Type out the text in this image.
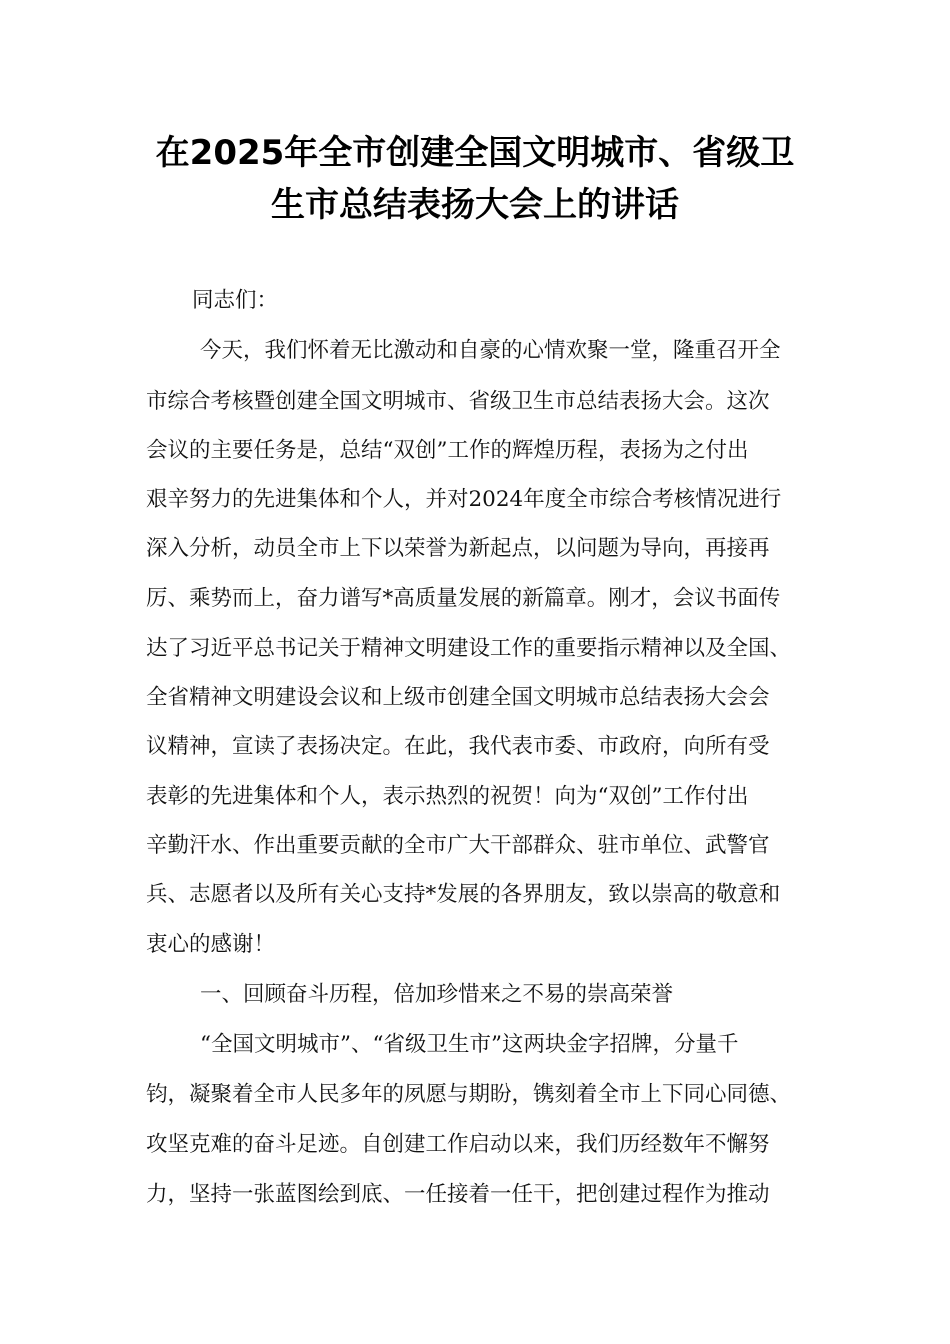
在2025年全市创建全国文明城市、省级卫
生市总结表扬大会上的讲话
同志们：
今天，我们怀着无比激动和自豪的心情欢聚一堂，隆重召开全
市综合考核暨创建全国文明城市、省级卫生市总结表扬大会。这次
会议的主要任务是，总结“双创”工作的辉煌历程，表扬为之付出
艰辛努力的先进集体和个人，并对2024年度全市综合考核情况进行
深入分析，动员全市上下以荣誉为新起点，以问题为导向，再接再
厉、乘势而上，奋力谱写*高质量发展的新篇章。刚才，会议书面传
达了习近平总书记关于精神文明建设工作的重要指示精神以及全国、
全省精神文明建设会议和上级市创建全国文明城市总结表扬大会会
议精神，宣读了表扬决定。在此，我代表市委、市政府，向所有受
表彰的先进集体和个人，表示热烈的祝贺！向为“双创”工作付出
辛勤汗水、作出重要贡献的全市广大干部群众、驻市单位、武警官
兵、志愿者以及所有关心支持*发展的各界朋友，致以崇高的敬意和
衷心的感谢！
一、回顾奋斗历程，倍加珍惜来之不易的崇高荣誉
“全国文明城市”、“省级卫生市”这两块金字招牌，分量千
钧，凝聚着全市人民多年的夙愿与期盼，镌刻着全市上下同心同德、
攻坚克难的奋斗足迹。自创建工作启动以来，我们历经数年不懈努
力，坚持一张蓝图绘到底、一任接着一任干，把创建过程作为推动
